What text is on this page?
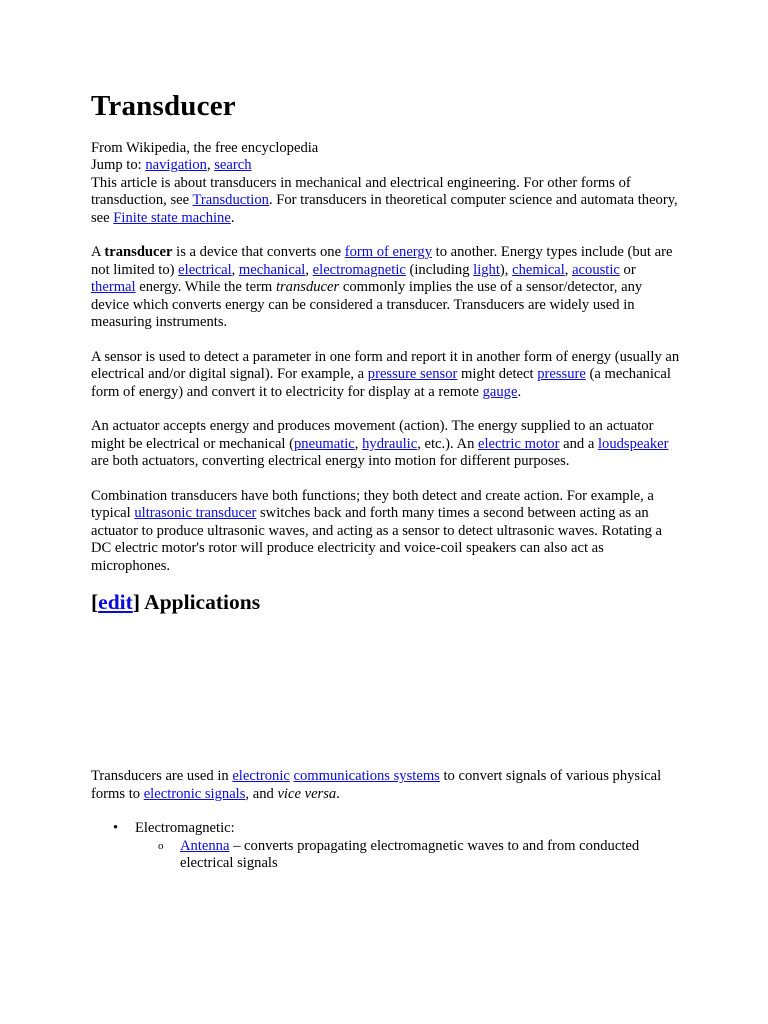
Transducer

From Wikipedia, the free encyclopedia

Jump to: navigation, search

This article is about transducers in mechanical and electrical engineering. For other forms of transduction, see Transduction. For transducers in theoretical computer science and automata theory, see Finite state machine.

A transducer is a device that converts one form of energy to another. Energy types include (but are not limited to) electrical, mechanical, electromagnetic (including light), chemical, acoustic or thermal energy. While the term transducer commonly implies the use of a sensor/detector, any device which converts energy can be considered a transducer. Transducers are widely used in measuring instruments.

A sensor is used to detect a parameter in one form and report it in another form of energy (usually an electrical and/or digital signal). For example, a pressure sensor might detect pressure (a mechanical form of energy) and convert it to electricity for display at a remote gauge.

An actuator accepts energy and produces movement (action). The energy supplied to an actuator might be electrical or mechanical (pneumatic, hydraulic, etc.). An electric motor and a loudspeaker are both actuators, converting electrical energy into motion for different purposes.

Combination transducers have both functions; they both detect and create action. For example, a typical ultrasonic transducer switches back and forth many times a second between acting as an actuator to produce ultrasonic waves, and acting as a sensor to detect ultrasonic waves. Rotating a DC electric motor's rotor will produce electricity and voice-coil speakers can also act as microphones.

[edit] Applications

Transducers are used in electronic communications systems to convert signals of various physical forms to electronic signals, and vice versa.

• Electromagnetic:
o Antenna – converts propagating electromagnetic waves to and from conducted electrical signals
